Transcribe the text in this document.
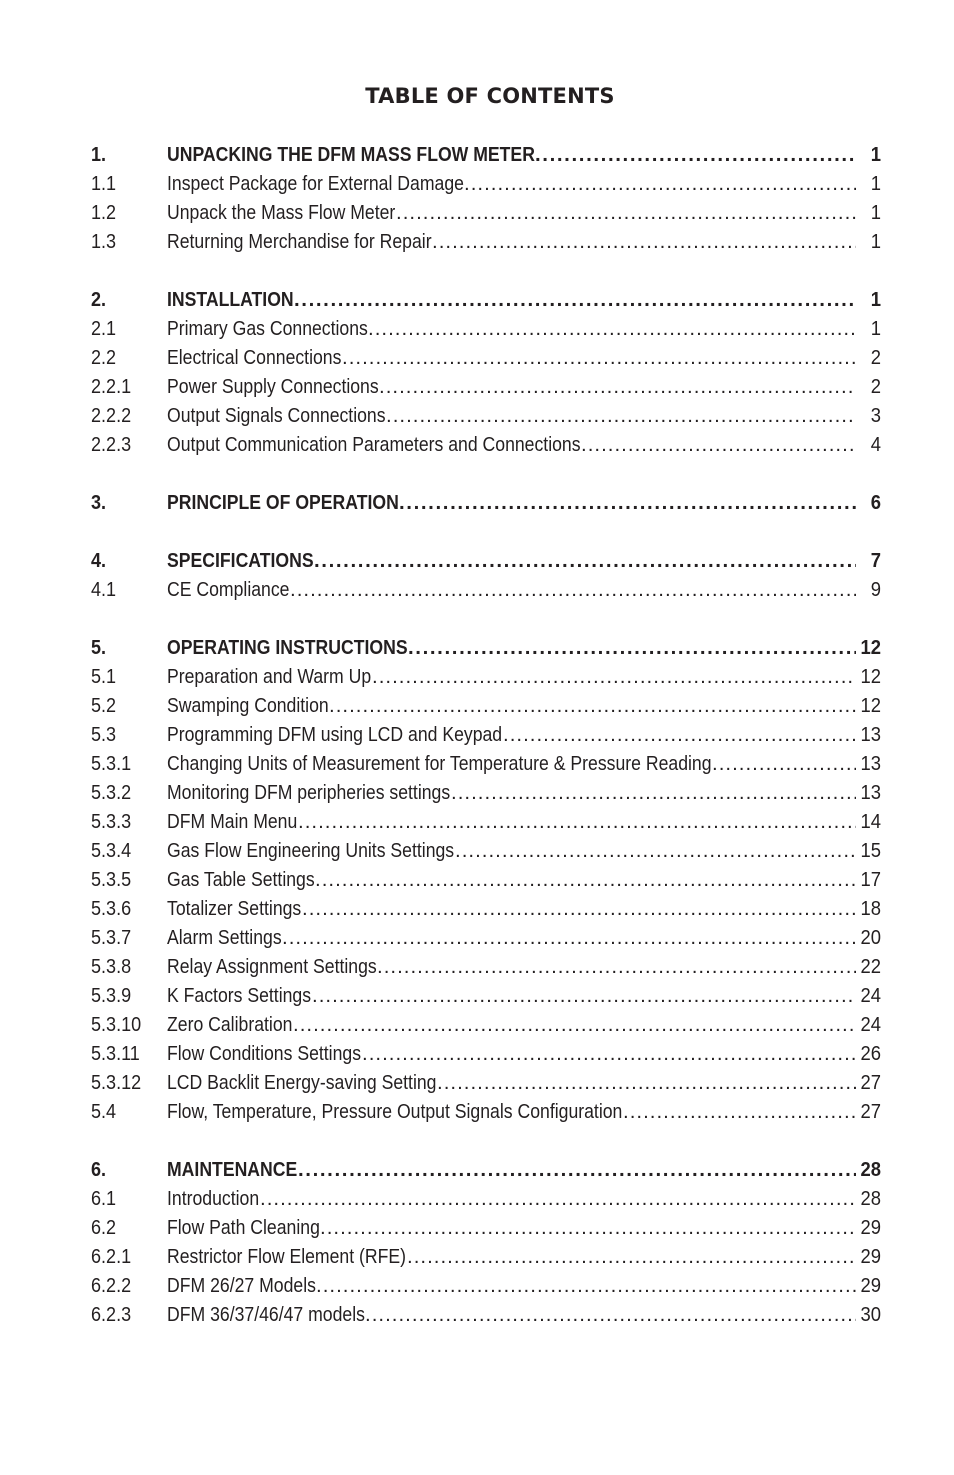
TABLE OF CONTENTS
1.	UNPACKING THE DFM MASS FLOW METER .....	1
1.1	Inspect Package for External Damage .....	1
1.2	Unpack the Mass Flow Meter .....	1
1.3	Returning Merchandise for Repair .....	1
2.	INSTALLATION .....	1
2.1	Primary Gas Connections .....	1
2.2	Electrical Connections .....	2
2.2.1	Power Supply Connections .....	2
2.2.2	Output Signals Connections .....	3
2.2.3	Output Communication Parameters and Connections .....	4
3.	PRINCIPLE OF OPERATION .....	6
4.	SPECIFICATIONS .....	7
4.1	CE Compliance .....	9
5.	OPERATING INSTRUCTIONS .....	12
5.1	Preparation and Warm Up .....	12
5.2	Swamping Condition .....	12
5.3	Programming DFM using LCD and Keypad .....	13
5.3.1	Changing Units of Measurement for Temperature & Pressure Reading .....	13
5.3.2	Monitoring DFM peripheries settings .....	13
5.3.3	DFM Main Menu .....	14
5.3.4	Gas Flow Engineering Units Settings .....	15
5.3.5	Gas Table Settings .....	17
5.3.6	Totalizer Settings .....	18
5.3.7	Alarm Settings .....	20
5.3.8	Relay Assignment Settings .....	22
5.3.9	K Factors Settings .....	24
5.3.10	Zero Calibration .....	24
5.3.11	Flow Conditions Settings .....	26
5.3.12	LCD Backlit Energy-saving Setting .....	27
5.4	Flow, Temperature, Pressure Output Signals Configuration .....	27
6.	MAINTENANCE .....	28
6.1	Introduction .....	28
6.2	Flow Path Cleaning .....	29
6.2.1	Restrictor Flow Element (RFE) .....	29
6.2.2	DFM 26/27 Models .....	29
6.2.3	DFM 36/37/46/47 models .....	30
